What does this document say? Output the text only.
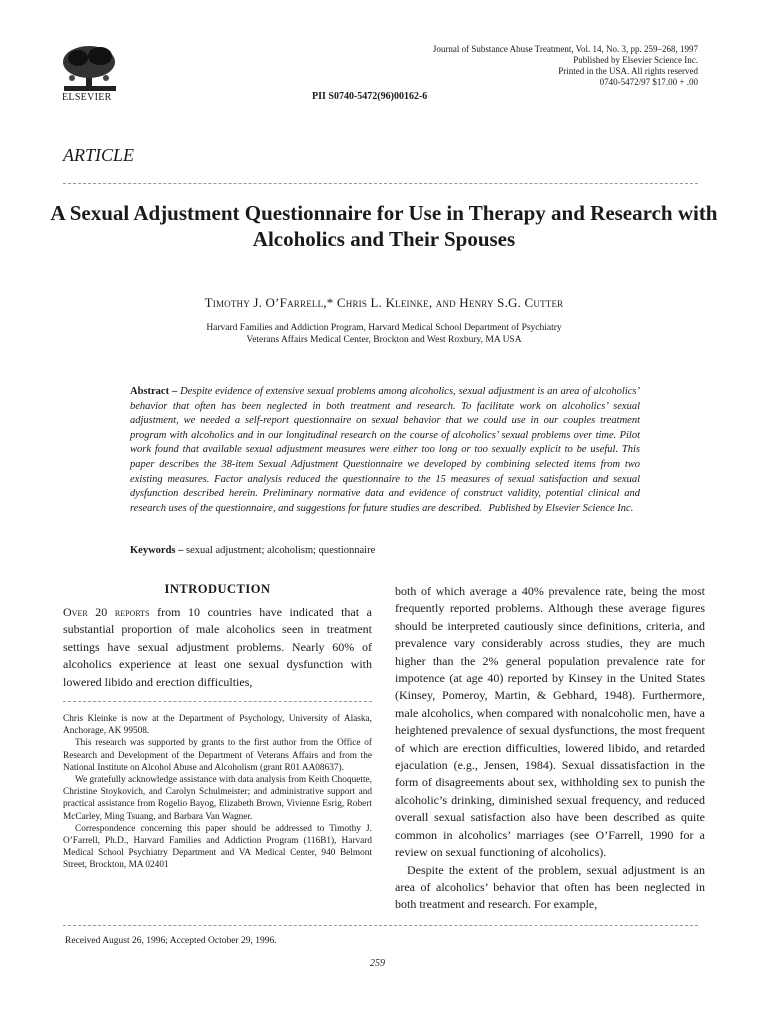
ELSEVIER
Journal of Substance Abuse Treatment, Vol. 14, No. 3, pp. 259–268, 1997
Published by Elsevier Science Inc.
Printed in the USA. All rights reserved
0740-5472/97 $17.00 + .00
PII S0740-5472(96)00162-6
ARTICLE
A Sexual Adjustment Questionnaire for Use in Therapy and Research with Alcoholics and Their Spouses
Timothy J. O’Farrell,* Chris L. Kleinke, and Henry S.G. Cutter
Harvard Families and Addiction Program, Harvard Medical School Department of Psychiatry
Veterans Affairs Medical Center, Brockton and West Roxbury, MA USA
Abstract – Despite evidence of extensive sexual problems among alcoholics, sexual adjustment is an area of alcoholics’ behavior that often has been neglected in both treatment and research. To facilitate work on alcoholics’ sexual adjustment, we needed a self-report questionnaire on sexual behavior that we could use in our couples treatment program with alcoholics and in our longitudinal research on the course of alcoholics’ sexual problems over time. Pilot work found that available sexual adjustment measures were either too long or too sexually explicit to be useful. This paper describes the 38-item Sexual Adjustment Questionnaire we developed by combining selected items from two existing measures. Factor analysis reduced the questionnaire to the 15 measures of sexual satisfaction and sexual dysfunction described herein. Preliminary normative data and evidence of construct validity, potential clinical and research uses of the questionnaire, and suggestions for future studies are described. Published by Elsevier Science Inc.
Keywords – sexual adjustment; alcoholism; questionnaire
INTRODUCTION

Over 20 reports from 10 countries have indicated that a substantial proportion of male alcoholics seen in treatment settings have sexual adjustment problems. Nearly 60% of alcoholics experience at least one sexual dysfunction with lowered libido and erection difficulties,

Chris Kleinke is now at the Department of Psychology, University of Alaska, Anchorage, AK 99508.

This research was supported by grants to the first author from the Office of Research and Development of the Department of Veterans Affairs and from the National Institute on Alcohol Abuse and Alcoholism (grant R01 AA08637).

We gratefully acknowledge assistance with data analysis from Keith Choquette, Christine Stoykovich, and Carolyn Schulmeister; and administrative support and practical assistance from Rogelio Bayog, Elizabeth Brown, Vivienne Esrig, Robert McCarley, Ming Tsuang, and Barbara Van Wagner.

Correspondence concerning this paper should be addressed to Timothy J. O’Farrell, Ph.D., Harvard Families and Addiction Program (116B1), Harvard Medical School Psychiatry Department and VA Medical Center, 940 Belmont Street, Brockton, MA 02401

both of which average a 40% prevalence rate, being the most frequently reported problems. Although these average figures should be interpreted cautiously since definitions, criteria, and prevalence vary considerably across studies, they are much higher than the 2% general population prevalence rate for impotence (at age 40) reported by Kinsey in the United States (Kinsey, Pomeroy, Martin, & Gebhard, 1948). Furthermore, male alcoholics, when compared with nonalcoholic men, have a heightened prevalence of sexual dysfunctions, the most frequent of which are erection difficulties, lowered libido, and retarded ejaculation (e.g., Jensen, 1984). Sexual dissatisfaction in the form of disagreements about sex, withholding sex to punish the alcoholic’s drinking, diminished sexual frequency, and reduced overall sexual satisfaction also have been described as quite common in alcoholics’ marriages (see O’Farrell, 1990 for a review on sexual functioning of alcoholics).

Despite the extent of the problem, sexual adjustment is an area of alcoholics’ behavior that often has been neglected in both treatment and research. For example,

Received August 26, 1996; Accepted October 29, 1996.
259
